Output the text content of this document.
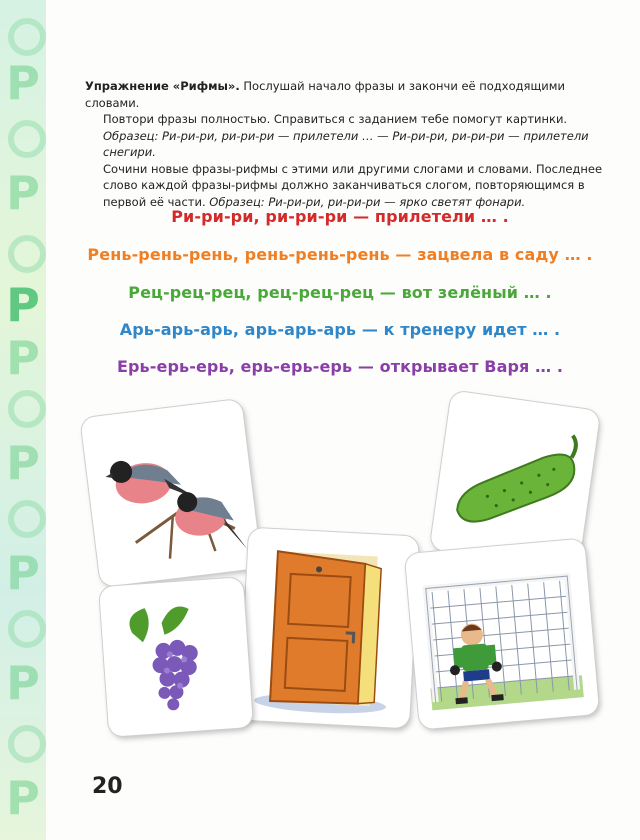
Р
Р
Р
Р
Р
Р
Р
Р
Упражнение «Рифмы». Послушай начало фразы и закончи её подходящими словами.
Повтори фразы полностью. Справиться с заданием тебе помогут картинки. Образец: Ри-ри-ри, ри-ри-ри — прилетели … — Ри-ри-ри, ри-ри-ри — прилетели снегири.
Сочини новые фразы-рифмы с этими или другими слогами и словами. Последнее слово каждой фразы-рифмы должно заканчиваться слогом, повторяющимся в первой её части. Образец: Ри-ри-ри, ри-ри-ри — ярко светят фонари.
Ри-ри-ри, ри-ри-ри — прилетели … .
Рень-рень-рень, рень-рень-рень — зацвела в саду … .
Рец-рец-рец, рец-рец-рец — вот зелёный … .
Арь-арь-арь, арь-арь-арь — к тренеру идет … .
Ерь-ерь-ерь, ерь-ерь-ерь — открывает Варя … .
20
